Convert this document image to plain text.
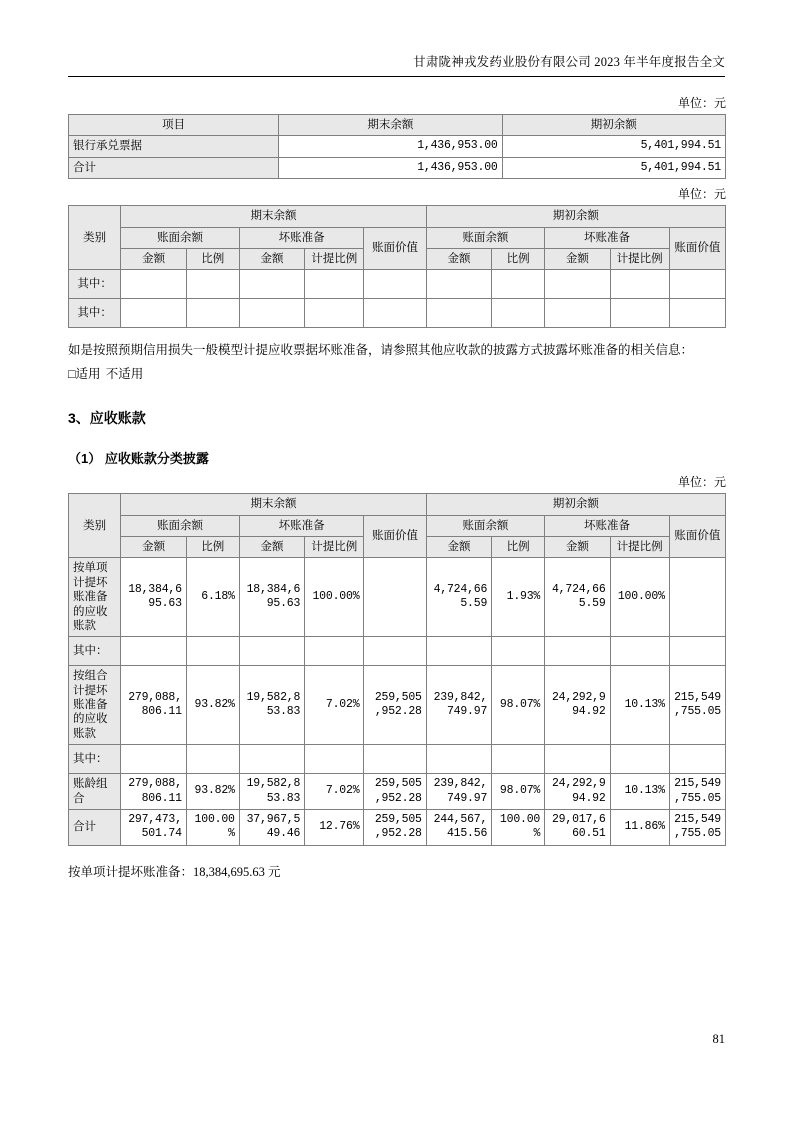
甘肃陇神戎发药业股份有限公司 2023 年半年度报告全文
单位：元
项目	期末余额	期初余额
银行承兑票据	1,436,953.00	5,401,994.51
合计	1,436,953.00	5,401,994.51
单位：元
类别	期末余额					期初余额				
	账面余额		坏账准备		账面价值	账面余额		坏账准备		账面价值
	金额	比例	金额	计提比例		金额	比例	金额	计提比例	
其中：										
其中：										
如是按照预期信用损失一般模型计提应收票据坏账准备，请参照其他应收款的披露方式披露坏账准备的相关信息：
□适用 不适用
3、应收账款
（1） 应收账款分类披露
单位：元
类别	期末余额					期初余额				
	账面余额		坏账准备		账面价值	账面余额		坏账准备		账面价值
	金额	比例	金额	计提比例		金额	比例	金额	计提比例	
按单项计提坏账准备的应收账款	18,384,695.63	6.18%	18,384,695.63	100.00%		4,724,665.59	1.93%	4,724,665.59	100.00%	
其中：										
按组合计提坏账准备的应收账款	279,088,806.11	93.82%	19,582,853.83	7.02%	259,505,952.28	239,842,749.97	98.07%	24,292,994.92	10.13%	215,549,755.05
其中：										
账龄组合	279,088,806.11	93.82%	19,582,853.83	7.02%	259,505,952.28	239,842,749.97	98.07%	24,292,994.92	10.13%	215,549,755.05
合计	297,473,501.74	100.00%	37,967,549.46	12.76%	259,505,952.28	244,567,415.56	100.00%	29,017,660.51	11.86%	215,549,755.05
按单项计提坏账准备：18,384,695.63 元
81
